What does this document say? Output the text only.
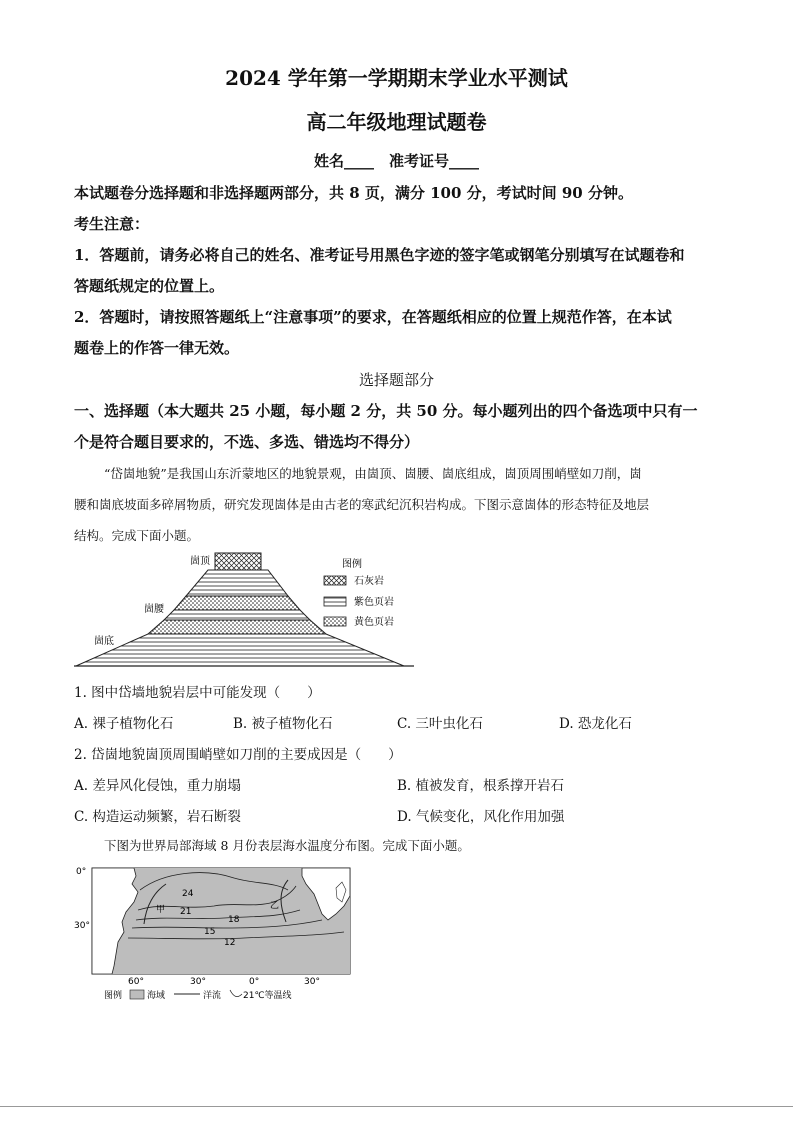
2024 学年第一学期期末学业水平测试
高二年级地理试题卷
姓名____　准考证号____
本试题卷分选择题和非选择题两部分，共 8 页，满分 100 分，考试时间 90 分钟。
考生注意：
1．答题前，请务必将自己的姓名、准考证号用黑色字迹的签字笔或钢笔分别填写在试题卷和
答题纸规定的位置上。
2．答题时，请按照答题纸上“注意事项”的要求，在答题纸相应的位置上规范作答，在本试
题卷上的作答一律无效。
选择题部分
一、选择题（本大题共 25 小题，每小题 2 分，共 50 分。每小题列出的四个备选项中只有一
个是符合题目要求的，不选、多选、错选均不得分）
“岱崮地貌”是我国山东沂蒙地区的地貌景观，由崮顶、崮腰、崮底组成，崮顶周围峭壁如刀削，崮
腰和崮底坡面多碎屑物质，研究发现崮体是由古老的寒武纪沉积岩构成。下图示意崮体的形态特征及地层
结构。完成下面小题。
崮顶
崮腰
崮底
图例
石灰岩
紫色页岩
黄色页岩
1. 图中岱墙地貌岩层中可能发现（　　）
A. 裸子植物化石	B. 被子植物化石	C. 三叶虫化石	D. 恐龙化石
2. 岱崮地貌崮顶周围峭壁如刀削的主要成因是（　　）
A. 差异风化侵蚀，重力崩塌	B. 植被发育，根系撑开岩石
C. 构造运动频繁，岩石断裂	D. 气候变化，风化作用加强
下图为世界局部海域 8 月份表层海水温度分布图。完成下面小题。
24
21
18
15
12
甲	乙
0°
30°
60°	30°	0°	30°
图例	海域	洋流 21℃等温线
